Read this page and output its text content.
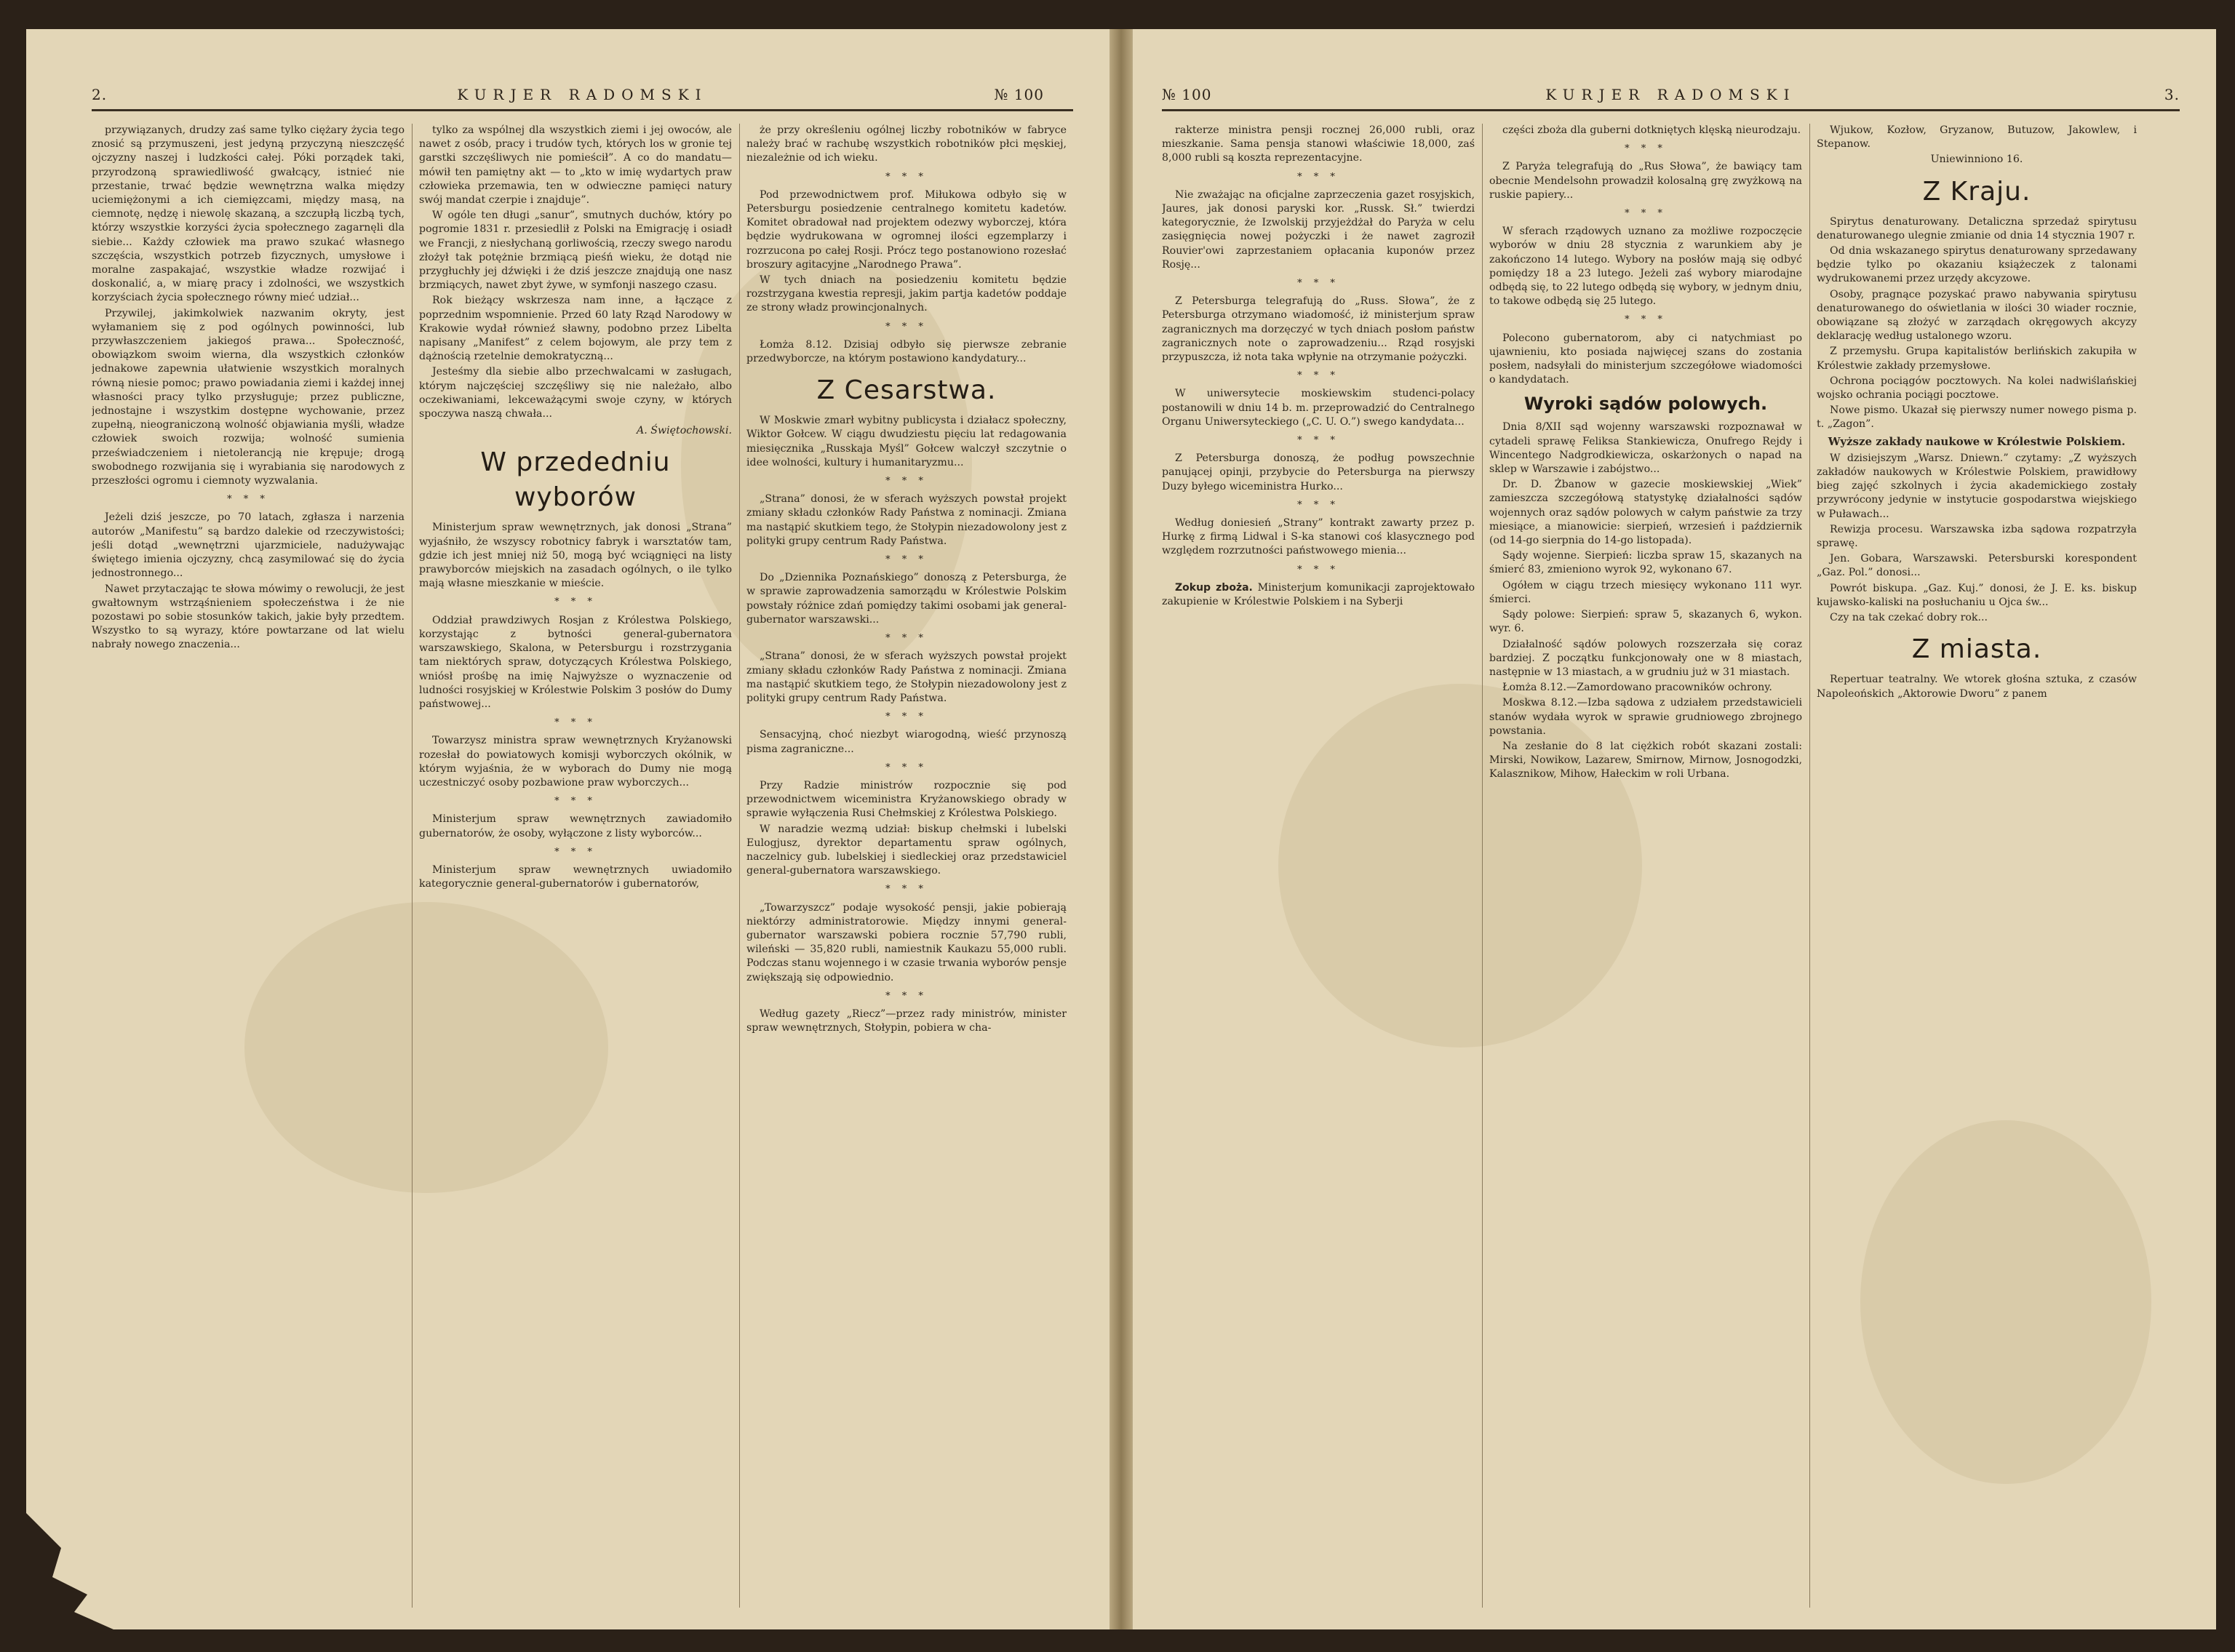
2.	KURJER RADOMSKI	№ 100

przywiązanych, drudzy zaś same tylko ciężary życia tego znosić są przymuszeni, jest jedyną przyczyną nieszczęść ojczyzny naszej i ludzkości całej. Póki porządek taki, przyrodzoną sprawiedliwość gwałcący, istnieć nie przestanie, trwać będzie wewnętrzna walka między uciemiężonymi a ich ciemięzcami, między masą, na ciemnotę, nędzę i niewolę skazaną, a szczupłą liczbą tych, którzy wszystkie korzyści życia społecznego zagarnęli dla siebie... Każdy człowiek ma prawo szukać własnego szczęścia, wszystkich potrzeb fizycznych, umysłowe i moralne zaspakajać, wszystkie władze rozwijać i doskonalić, a, w miarę pracy i zdolności, we wszystkich korzyściach życia społecznego równy mieć udział...

Przywilej, jakimkolwiek nazwanim okryty, jest wyłamaniem się z pod ogólnych powinności, lub przywłaszczeniem jakiegoś prawa... Społeczność, obowiązkom swoim wierna, dla wszystkich członków jednakowe zapewnia ułatwienie wszystkich moralnych równą niesie pomoc; prawo powiadania ziemi i każdej innej własności pracy tylko przysługuje; przez publiczne, jednostajne i wszystkim dostępne wychowanie, przez zupełną, nieograniczoną wolność objawiania myśli, władze człowiek swoich rozwija; wolność sumienia przeświadczeniem i nietolerancją nie krępuje; drogą swobodnego rozwijania się i wyrabiania się narodowych z przeszłości ogromu i ciemnoty wyzwalania.

* * *

Jeżeli dziś jeszcze, po 70 latach, zgłasza i narzenia autorów „Manifestu” są bardzo dalekie od rzeczywistości; jeśli dotąd „wewnętrzni ujarzmiciele, nadużywając świętego imienia ojczyzny, chcą zasymilować się do życia jednostronnego...

Nawet przytaczając te słowa mówimy o rewolucji, że jest gwałtownym wstrząśnieniem społeczeństwa i że nie pozostawi po sobie stosunków takich, jakie były przedtem. Wszystko to są wyrazy, które powtarzane od lat wielu nabrały nowego znaczenia...

tylko za wspólnej dla wszystkich ziemi i jej owoców, ale nawet z osób, pracy i trudów tych, których los w gronie tej garstki szczęśliwych nie pomieścił”. A co do mandatu—mówił ten pamiętny akt — to „kto w imię wydartych praw człowieka przemawia, ten w odwieczne pamięci natury swój mandat czerpie i znajduje”.

W ogóle ten długi „sanur”, smutnych duchów, który po pogromie 1831 r. przesiedlił z Polski na Emigrację i osiadł we Francji, z niesłychaną gorliwością, rzeczy swego narodu złożył tak potężnie brzmiącą pieśń wieku, że dotąd nie przygłuchły jej dźwięki i że dziś jeszcze znajdują one nasz brzmiących, nawet zbyt żywe, w symfonji naszego czasu.

Rok bieżący wskrzesza nam inne, a łączące z poprzednim wspomnienie. Przed 60 laty Rząd Narodowy w Krakowie wydał równieź sławny, podobno przez Libelta napisany „Manifest” z celem bojowym, ale przy tem z dążnością rzetelnie demokratyczną...

Jesteśmy dla siebie albo przechwalcami w zasługach, którym najczęściej szczęśliwy się nie należało, albo oczekiwaniami, lekceważącymi swoje czyny, w których spoczywa naszą chwała...

A. Świętochowski.
W przededniu wyborów

Ministerjum spraw wewnętrznych, jak donosi „Strana” wyjaśniło, że wszyscy robotnicy fabryk i warsztatów tam, gdzie ich jest mniej niż 50, mogą być wciągnięci na listy prawyborców miejskich na zasadach ogólnych, o ile tylko mają własne mieszkanie w mieście.

* * *

Oddział prawdziwych Rosjan z Królestwa Polskiego, korzystając z bytności general-gubernatora warszawskiego, Skalona, w Petersburgu i rozstrzygania tam niektórych spraw, dotyczących Królestwa Polskiego, wniósł prośbę na imię Najwyższe o wyznaczenie od ludności rosyjskiej w Królestwie Polskim 3 posłów do Dumy państwowej...

* * *

Towarzysz ministra spraw wewnętrznych Kryżanowski rozesłał do powiatowych komisji wyborczych okólnik, w którym wyjaśnia, że w wyborach do Dumy nie mogą uczestniczyć osoby pozbawione praw wyborczych...

* * *

Ministerjum spraw wewnętrznych zawiadomiło gubernatorów, że osoby, wyłączone z listy wyborców...

* * *

Ministerjum spraw wewnętrznych uwiadomiło kategorycznie general-gubernatorów i gubernatorów,

że przy określeniu ogólnej liczby robotników w fabryce należy brać w rachubę wszystkich robotników płci męskiej, niezależnie od ich wieku.

* * *

Pod przewodnictwem prof. Miłukowa odbyło się w Petersburgu posiedzenie centralnego komitetu kadetów. Komitet obradował nad projektem odezwy wyborczej, która będzie wydrukowana w ogromnej ilości egzemplarzy i rozrzucona po całej Rosji. Prócz tego postanowiono rozesłać broszury agitacyjne „Narodnego Prawa”.

W tych dniach na posiedzeniu komitetu będzie rozstrzygana kwestia represji, jakim partja kadetów poddaje ze strony władz prowincjonalnych.

* * *

Łomża 8.12. Dzisiaj odbyło się pierwsze zebranie przedwyborcze, na którym postawiono kandydatury...

Z Cesarstwa.

W Moskwie zmarł wybitny publicysta i działacz społeczny, Wiktor Gołcew. W ciągu dwudziestu pięciu lat redagowania miesięcznika „Russkaja Myśl” Gołcew walczył szczytnie o idee wolności, kultury i humanitaryzmu...

* * *

„Strana” donosi, że w sferach wyższych powstał projekt zmiany składu członków Rady Państwa z nominacji. Zmiana ma nastąpić skutkiem tego, że Stołypin niezadowolony jest z polityki grupy centrum Rady Państwa.

* * *

Do „Dziennika Poznańskiego” donoszą z Petersburga, że w sprawie zaprowadzenia samorządu w Królestwie Polskim powstały różnice zdań pomiędzy takimi osobami jak general-gubernator warszawski...

* * *

„Strana” donosi, że w sferach wyższych powstał projekt zmiany składu członków Rady Państwa z nominacji. Zmiana ma nastąpić skutkiem tego, że Stołypin niezadowolony jest z polityki grupy centrum Rady Państwa.

* * *

Sensacyjną, choć niezbyt wiarogodną, wieść przynoszą pisma zagraniczne...

* * *

Przy Radzie ministrów rozpocznie się pod przewodnictwem wiceministra Kryżanowskiego obrady w sprawie wyłączenia Rusi Chełmskiej z Królestwa Polskiego.

W naradzie wezmą udział: biskup chełmski i lubelski Eulogjusz, dyrektor departamentu spraw ogólnych, naczelnicy gub. lubelskiej i siedleckiej oraz przedstawiciel general-gubernatora warszawskiego.

* * *

„Towarzyszcz” podaje wysokość pensji, jakie pobierają niektórzy administratorowie. Między innymi general-gubernator warszawski pobiera rocznie 57,790 rubli, wileński — 35,820 rubli, namiestnik Kaukazu 55,000 rubli. Podczas stanu wojennego i w czasie trwania wyborów pensje zwiększają się odpowiednio.

* * *

Według gazety „Riecz”—przez rady ministrów, minister spraw wewnętrznych, Stołypin, pobiera w cha-

№ 100	KURJER RADOMSKI	3.

rakterze ministra pensji rocznej 26,000 rubli, oraz mieszkanie. Sama pensja stanowi właściwie 18,000, zaś 8,000 rubli są koszta reprezentacyjne.

* * *

Nie zważając na oficjalne zaprzeczenia gazet rosyjskich, Jaures, jak donosi paryski kor. „Russk. Sł.” twierdzi kategorycznie, że Izwolskij przyjeżdżał do Paryża w celu zasięgnięcia nowej pożyczki i że nawet zagroził Rouvier'owi zaprzestaniem opłacania kuponów przez Rosję...

* * *

Z Petersburga telegrafują do „Russ. Słowa”, że z Petersburga otrzymano wiadomość, iż ministerjum spraw zagranicznych ma dorzęczyć w tych dniach posłom państw zagranicznych note o zaprowadzeniu... Rząd rosyjski przypuszcza, iż nota taka wpłynie na otrzymanie pożyczki.

* * *

W uniwersytecie moskiewskim studenci-polacy postanowili w dniu 14 b. m. przeprowadzić do Centralnego Organu Uniwersyteckiego („C. U. O.”) swego kandydata...

* * *

Z Petersburga donoszą, że podług powszechnie panującej opinji, przybycie do Petersburga na pierwszy Duzy byłego wiceministra Hurko...

* * *

Według doniesień „Strany” kontrakt zawarty przez p. Hurkę z firmą Lidwal i S-ka stanowi coś klasycznego pod względem rozrzutności państwowego mienia...

* * *

Zokup zboża. Ministerjum komunikacji zaprojektowało zakupienie w Królestwie Polskiem i na Syberji

części zboża dla guberni dotkniętych klęską nieurodzaju.

* * *

Z Paryża telegrafują do „Rus Słowa”, że bawiący tam obecnie Mendelsohn prowadził kolosalną grę zwyżkową na ruskie papiery...

* * *

W sferach rządowych uznano za możliwe rozpoczęcie wyborów w dniu 28 stycznia z warunkiem aby je zakończono 14 lutego. Wybory na posłów mają się odbyć pomiędzy 18 a 23 lutego. Jeżeli zaś wybory miarodajne odbędą się, to 22 lutego odbędą się wybory, w jednym dniu, to takowe odbędą się 25 lutego.

* * *

Polecono gubernatorom, aby ci natychmiast po ujawnieniu, kto posiada najwięcej szans do zostania posłem, nadsyłali do ministerjum szczegółowe wiadomości o kandydatach.

Wyroki sądów polowych.

Dnia 8/XII sąd wojenny warszawski rozpoznawał w cytadeli sprawę Feliksa Stankiewicza, Onufrego Rejdy i Wincentego Nadgrodkiewicza, oskarżonych o napad na sklep w Warszawie i zabójstwo...

Dr. D. Żbanow w gazecie moskiewskiej „Wiek” zamieszcza szczegółową statystykę działalności sądów wojennych oraz sądów polowych w całym państwie za trzy miesiące, a mianowicie: sierpień, wrzesień i październik (od 14-go sierpnia do 14-go listopada).

Sądy wojenne. Sierpień: liczba spraw 15, skazanych na śmierć 83, zmieniono wyrok 92, wykonano 67.

Ogółem w ciągu trzech miesięcy wykonano 111 wyr. śmierci.

Sądy polowe: Sierpień: spraw 5, skazanych 6, wykon. wyr. 6.

Działalność sądów polowych rozszerzała się coraz bardziej. Z początku funkcjonowały one w 8 miastach, następnie w 13 miastach, a w grudniu już w 31 miastach.

Łomża 8.12.—Zamordowano pracowników ochrony.

Moskwa 8.12.—Izba sądowa z udziałem przedstawicieli stanów wydała wyrok w sprawie grudniowego zbrojnego powstania.

Na zesłanie do 8 lat ciężkich robót skazani zostali: Mirski, Nowikow, Lazarew, Smirnow, Mirnow, Josnogodzki, Kalasznikow, Mihow, Hałeckim w roli Urbana.

Wjukow, Kozłow, Gryzanow, Butuzow, Jakowlew, i Stepanow.

Uniewinniono 16.

Z Kraju.

Spirytus denaturowany. Detaliczna sprzedaż spirytusu denaturowanego ulegnie zmianie od dnia 14 stycznia 1907 r.

Od dnia wskazanego spirytus denaturowany sprzedawany będzie tylko po okazaniu książeczek z talonami wydrukowanemi przez urzędy akcyzowe.

Osoby, pragnące pozyskać prawo nabywania spirytusu denaturowanego do oświetlania w ilości 30 wiader rocznie, obowiązane są złożyć w zarządach okręgowych akcyzy deklarację według ustalonego wzoru.

Z przemysłu. Grupa kapitalistów berlińskich zakupiła w Królestwie zakłady przemysłowe.

Ochrona pociągów pocztowych. Na kolei nadwiślańskiej wojsko ochrania pociągi pocztowe.

Nowe pismo. Ukazał się pierwszy numer nowego pisma p. t. „Zagon”.

Wyższe zakłady naukowe w Królestwie Polskiem.

W dzisiejszym „Warsz. Dniewn.” czytamy: „Z wyższych zakładów naukowych w Królestwie Polskiem, prawidłowy bieg zajęć szkolnych i życia akademickiego zostały przywrócony jedynie w instytucie gospodarstwa wiejskiego w Puławach...

Rewizja procesu. Warszawska izba sądowa rozpatrzyła sprawę.

Jen. Gobara, Warszawski. Petersburski korespondent „Gaz. Pol.” donosi...

Powrót biskupa. „Gaz. Kuj.” donosi, że J. E. ks. biskup kujawsko-kaliski na posłuchaniu u Ojca św...

Czy na tak czekać dobry rok...

Z miasta.

Repertuar teatralny. We wtorek głośna sztuka, z czasów Napoleońskich „Aktorowie Dworu” z panem
